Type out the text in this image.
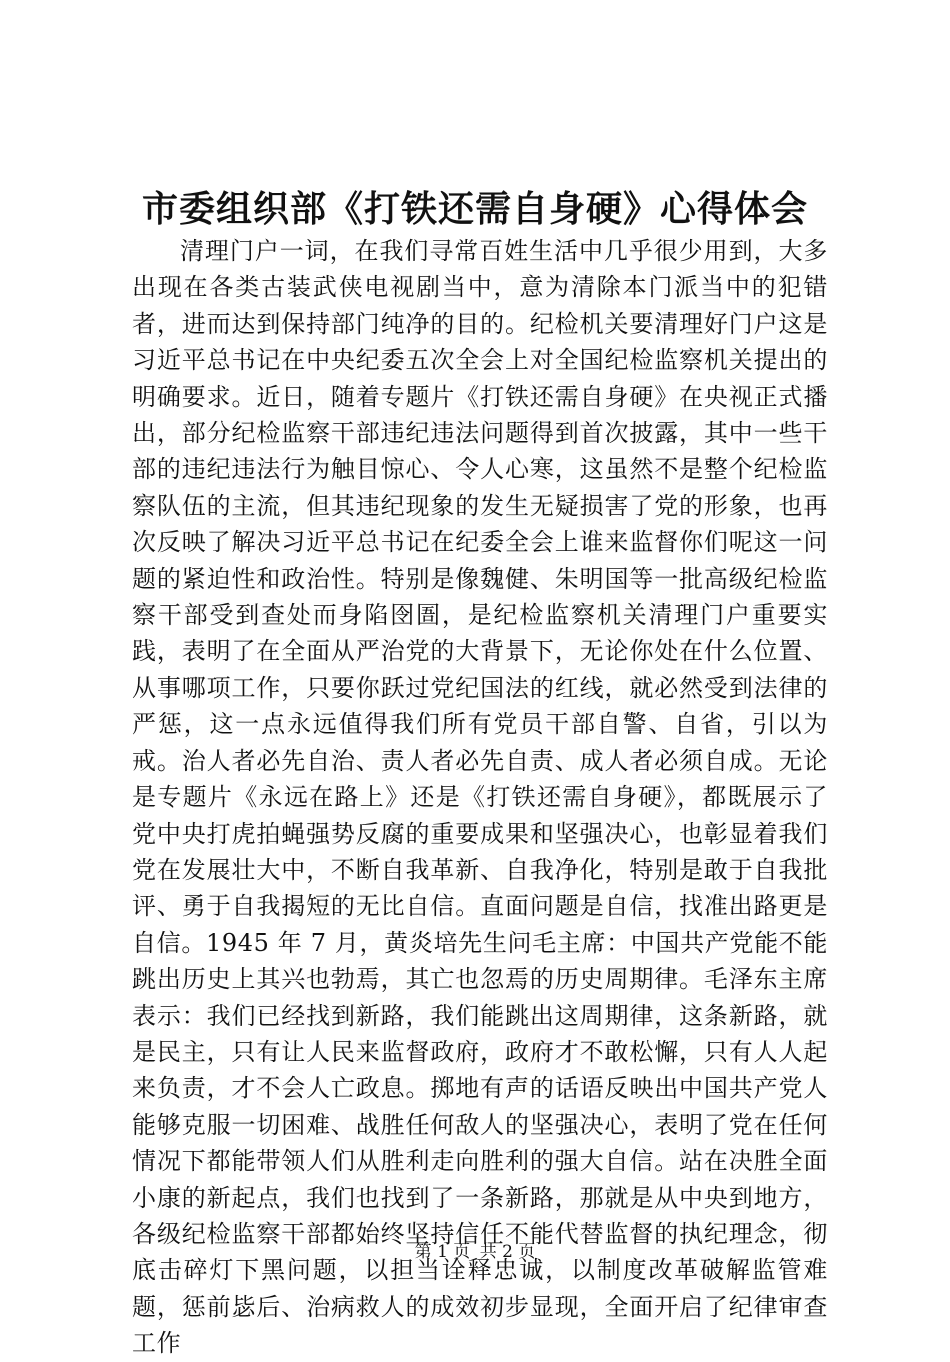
市委组织部《打铁还需自身硬》心得体会

清理门户一词，在我们寻常百姓生活中几乎很少用到，大多出现在各类古装武侠电视剧当中，意为清除本门派当中的犯错者，进而达到保持部门纯净的目的。纪检机关要清理好门户这是习近平总书记在中央纪委五次全会上对全国纪检监察机关提出的明确要求。近日，随着专题片《打铁还需自身硬》在央视正式播出，部分纪检监察干部违纪违法问题得到首次披露，其中一些干部的违纪违法行为触目惊心、令人心寒，这虽然不是整个纪检监察队伍的主流，但其违纪现象的发生无疑损害了党的形象，也再次反映了解决习近平总书记在纪委全会上谁来监督你们呢这一问题的紧迫性和政治性。特别是像魏健、朱明国等一批高级纪检监察干部受到查处而身陷囹圄，是纪检监察机关清理门户重要实践，表明了在全面从严治党的大背景下，无论你处在什么位置、从事哪项工作，只要你跃过党纪国法的红线，就必然受到法律的严惩，这一点永远值得我们所有党员干部自警、自省，引以为戒。治人者必先自治、责人者必先自责、成人者必须自成。无论是专题片《永远在路上》还是《打铁还需自身硬》，都既展示了党中央打虎拍蝇强势反腐的重要成果和坚强决心，也彰显着我们党在发展壮大中，不断自我革新、自我净化，特别是敢于自我批评、勇于自我揭短的无比自信。直面问题是自信，找准出路更是自信。1945 年 7 月，黄炎培先生问毛主席：中国共产党能不能跳出历史上其兴也勃焉，其亡也忽焉的历史周期律。毛泽东主席表示：我们已经找到新路，我们能跳出这周期律，这条新路，就是民主，只有让人民来监督政府，政府才不敢松懈，只有人人起来负责，才不会人亡政息。掷地有声的话语反映出中国共产党人能够克服一切困难、战胜任何敌人的坚强决心，表明了党在任何情况下都能带领人们从胜利走向胜利的强大自信。站在决胜全面小康的新起点，我们也找到了一条新路，那就是从中央到地方，各级纪检监察干部都始终坚持信任不能代替监督的执纪理念，彻底击碎灯下黑问题，以担当诠释忠诚，以制度改革破解监管难题，惩前毖后、治病救人的成效初步显现，全面开启了纪律审查工作

第 1 页 共 2 页
